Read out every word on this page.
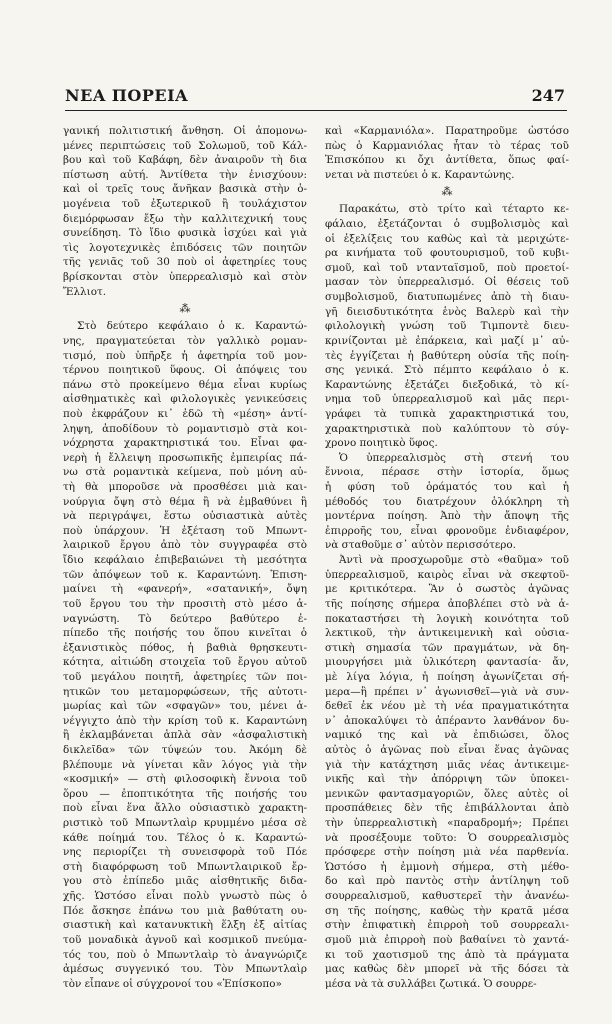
ΝΕΑ ΠΟΡΕΙΑ	247
γανική πολιτιστική ἄνθηση. Οἱ ἀπομονω-
μένες περιπτώσεις τοῦ Σολωμοῦ, τοῦ Κάλ-
βου καὶ τοῦ Καβάφη, δὲν ἀναιροῦν τὴ δια
πίστωση αὐτή. Ἀντίθετα τὴν ἐνισχύουν:
καὶ οἱ τρεῖς τους ἄνῆκαν βασικὰ στὴν ὁ-
μογένεια τοῦ ἐξωτερικοῦ ἢ τουλάχιστον
διεμόρφωσαν ἔξω τὴν καλλιτεχνική τους
συνείδηση. Τὸ ἴδιο φυσικὰ ἰσχύει καὶ γιὰ
τὶς λογοτεχνικὲς ἐπιδόσεις τῶν ποιητῶν
τῆς γενιᾶς τοῦ 30 ποὺ οἱ ἀφετηρίες τους
βρίσκονται στὸν ὑπερρεαλισμὸ καὶ στὸν
Ἔλλιοτ.
⁂
Στὸ δεύτερο κεφάλαιο ὁ κ. Καραντώ-
νης, πραγματεύεται τὸν γαλλικὸ ρομαν-
τισμό, ποὺ ὑπῆρξε ἡ ἀφετηρία τοῦ μον-
τέρνου ποιητικοῦ ὕφους. Οἱ ἀπόψεις του
πάνω στὸ προκείμενο θέμα εἶναι κυρίως
αἰσθηματικὲς καὶ φιλολογικὲς γενικεύσεις
ποὺ ἐκφράζουν κι᾿ ἐδῶ τὴ «μέση» ἀντί-
ληψη, ἀποδίδουν τὸ ρομαντισμὸ στὰ κοι-
νόχρηστα χαρακτηριστικά του. Εἶναι φα-
νερὴ ἡ ἔλλειψη προσωπικῆς ἐμπειρίας πά-
νω στὰ ρομαντικὰ κείμενα, ποὺ μόνη αὐ-
τὴ θὰ μποροῦσε νὰ προσθέσει μιὰ και-
νούργια ὄψη στὸ θέμα ἢ νὰ ἐμβαθύνει ἢ
νὰ περιγράψει, ἔστω οὐσιαστικὰ αὐτὲς
ποὺ ὑπάρχουν. Ἡ ἐξέταση τοῦ Μπωντ-
λαιρικοῦ ἔργου ἀπὸ τὸν συγγραφέα στὸ
ἴδιο κεφάλαιο ἐπιβεβαιώνει τὴ μεσότητα
τῶν ἀπόψεων τοῦ κ. Καραντώνη. Ἐπιση-
μαίνει τὴ «φανερή», «σατανική», ὄψη
τοῦ ἔργου του τὴν προσιτὴ στὸ μέσο ἀ-
ναγνώστη. Τὸ δεύτερο βαθύτερο ἐ-
πίπεδο τῆς ποιήσής του ὅπου κινεῖται ὁ
ἐξανιστικὸς πόθος, ἡ βαθιὰ θρησκευτι-
κότητα, αἰτιώδη στοιχεῖα τοῦ ἔργου αὐτοῦ
τοῦ μεγάλου ποιητῆ, ἀφετηρίες τῶν ποι-
ητικῶν του μεταμορφώσεων, τῆς αὐτοτι-
μωρίας καὶ τῶν «σφαγῶν» του, μένει ἀ-
νέγγιχτο ἀπὸ τὴν κρίση τοῦ κ. Καραντώνη
ἢ ἐκλαμβάνεται ἁπλὰ σὰν «ἀσφαλιστικὴ
δικλεῖδα» τῶν τύψεών του. Ἀκόμη δὲ
βλέπουμε νὰ γίνεται κἂν λόγος γιὰ τὴν
«κοσμική» — στὴ φιλοσοφικὴ ἔννοια τοῦ
ὅρου — ἐποπτικότητα τῆς ποιήσής του
ποὺ εἶναι ἕνα ἄλλο οὐσιαστικὸ χαρακτη-
ριστικὸ τοῦ Μπωντλαὶρ κρυμμένο μέσα σὲ
κάθε ποίημά του. Τέλος ὁ κ. Καραντώ-
νης περιορίζει τὴ συνεισφορὰ τοῦ Πόε
στὴ διαφόρφωση τοῦ Μπωντλαιρικοῦ ἔρ-
γου στὸ ἐπίπεδο μιᾶς αἰσθητικῆς διδα-
χῆς. Ὡστόσο εἶναι πολὺ γνωστὸ πὼς ὁ
Πόε ἄσκησε ἐπάνω του μιὰ βαθύτατη ου-
σιαστικὴ καὶ κατανυκτικὴ ἕλξη ἐξ αἰτίας
τοῦ μοναδικὰ ἁγνοῦ καὶ κοσμικοῦ πνεύμα-
τός του, ποὺ ὁ Μπωντλαὶρ τὸ ἀναγνώριζε
ἀμέσως συγγενικό του. Τὸν Μπωντλαὶρ
τὸν εἶπανε οἱ σύγχρονοί του «Ἐπίσκοπο»
καὶ «Καρμανιόλα». Παρατηροῦμε ὡστόσο
πὼς ὁ Καρμανιόλας ἦταν τὸ τέρας τοῦ
Ἐπισκόπου κι ὄχι ἀντίθετα, ὅπως φαί-
νεται νὰ πιστεύει ὁ κ. Καραντώνης.
⁂
Παρακάτω, στὸ τρίτο καὶ τέταρτο κε-
φάλαιο, ἐξετάζονται ὁ συμβολισμὸς καὶ
οἱ ἐξελίξεις του καθὼς καὶ τὰ μεριχώτε-
ρα κινήματα τοῦ φουτουρισμοῦ, τοῦ κυβι-
σμοῦ, καὶ τοῦ ντανταϊσμοῦ, ποὺ προετοί-
μασαν τὸν ὑπερρεαλισμό. Οἱ θέσεις τοῦ
συμβολισμοῦ, διατυπωμένες ἀπὸ τὴ διαυ-
γῆ διεισδυτικότητα ἑνὸς Βαλερὺ καὶ τὴν
φιλολογικὴ γνώση τοῦ Τιμποντὲ διευ-
κρινίζονται μὲ ἐπάρκεια, καὶ μαζί μ᾿ αὐ-
τὲς ἐγγίζεται ἡ βαθύτερη οὐσία τῆς ποίη-
σης γενικά. Στὸ πέμπτο κεφάλαιο ὁ κ.
Καραντώνης ἐξετάζει διεξοδικά, τὸ κί-
νημα τοῦ ὑπερρεαλισμοῦ καὶ μᾶς περι-
γράφει τὰ τυπικὰ χαρακτηριστικά του,
χαρακτηριστικὰ ποὺ καλύπτουν τὸ σύγ-
χρονο ποιητικὸ ὕφος.
Ὁ ὑπερρεαλισμὸς στὴ στενή του
ἔννοια, πέρασε στὴν ἱστορία, ὅμως
ἡ φύση τοῦ ὁράματός του καὶ ἡ
μέθοδός του διατρέχουν ὁλόκληρη τὴ
μοντέρνα ποίηση. Ἀπὸ τὴν ἄποψη τῆς
ἐπιρροῆς του, εἶναι φρονοῦμε ἐνδιαφέρον,
νὰ σταθοῦμε σ᾿ αὐτὸν περισσότερο.
Ἀντὶ νὰ προσχωροῦμε στὸ «θαῦμα» τοῦ
ὑπερρεαλισμοῦ, καιρὸς εἶναι νὰ σκεφτοῦ-
με κριτικότερα. Ἂν ὁ σωστὸς ἀγῶνας
τῆς ποίησης σήμερα ἀποβλέπει στὸ νὰ ἀ-
ποκαταστήσει τὴ λογικὴ κοινότητα τοῦ
λεκτικοῦ, τὴν ἀντικειμενικὴ καὶ οὐσια-
στικὴ σημασία τῶν πραγμάτων, νὰ δη-
μιουργήσει μιὰ ὑλικότερη φαντασία· ἄν,
μὲ λίγα λόγια, ἡ ποίηση ἀγωνίζεται σή-
μερα—ἢ πρέπει ν᾿ ἀγωνισθεῖ—γιὰ νὰ συν-
δεθεῖ ἐκ νέου μὲ τὴ νέα πραγματικότητα
ν᾿ ἀποκαλύψει τὸ ἀπέραντο λανθάνον δυ-
ναμικό της καὶ νὰ ἐπιδιώσει, ὅλος
αὐτὸς ὁ ἀγῶνας ποὺ εἶναι ἕνας ἀγῶνας
γιὰ τὴν κατάχτηση μιᾶς νέας ἀντικειμε-
νικῆς καὶ τὴν ἀπόρριψη τῶν ὑποκει-
μενικῶν φαντασμαγοριῶν, ὅλες αὐτὲς οἱ
προσπάθειες δὲν τῆς ἐπιβάλλονται ἀπὸ
τὴν ὑπερρεαλιστικὴ «παραδρομή»; Πρέπει
νὰ προσέξουμε τοῦτο: Ὁ σουρρεαλισμὸς
πρόσφερε στὴν ποίηση μιὰ νέα παρθενία.
Ὡστόσο ἡ ἐμμονὴ σήμερα, στὴ μέθο-
δο καὶ πρὸ παντὸς στὴν ἀντίληψη τοῦ
σουρρεαλισμοῦ, καθυστερεῖ τὴν ἀνανέω-
ση τῆς ποίησης, καθὼς τὴν κρατᾶ μέσα
στὴν ἐπιφατικὴ ἐπιρροὴ τοῦ σουρρεαλι-
σμοῦ μιὰ ἐπιρροὴ ποὺ βαθαίνει τὸ χαντά-
κι τοῦ χαοτισμοῦ της ἀπὸ τὰ πράγματα
μας καθὼς δὲν μπορεῖ νὰ τῆς δόσει τὰ
μέσα νὰ τὰ συλλάβει ζωτικά. Ὁ σουρρε-
